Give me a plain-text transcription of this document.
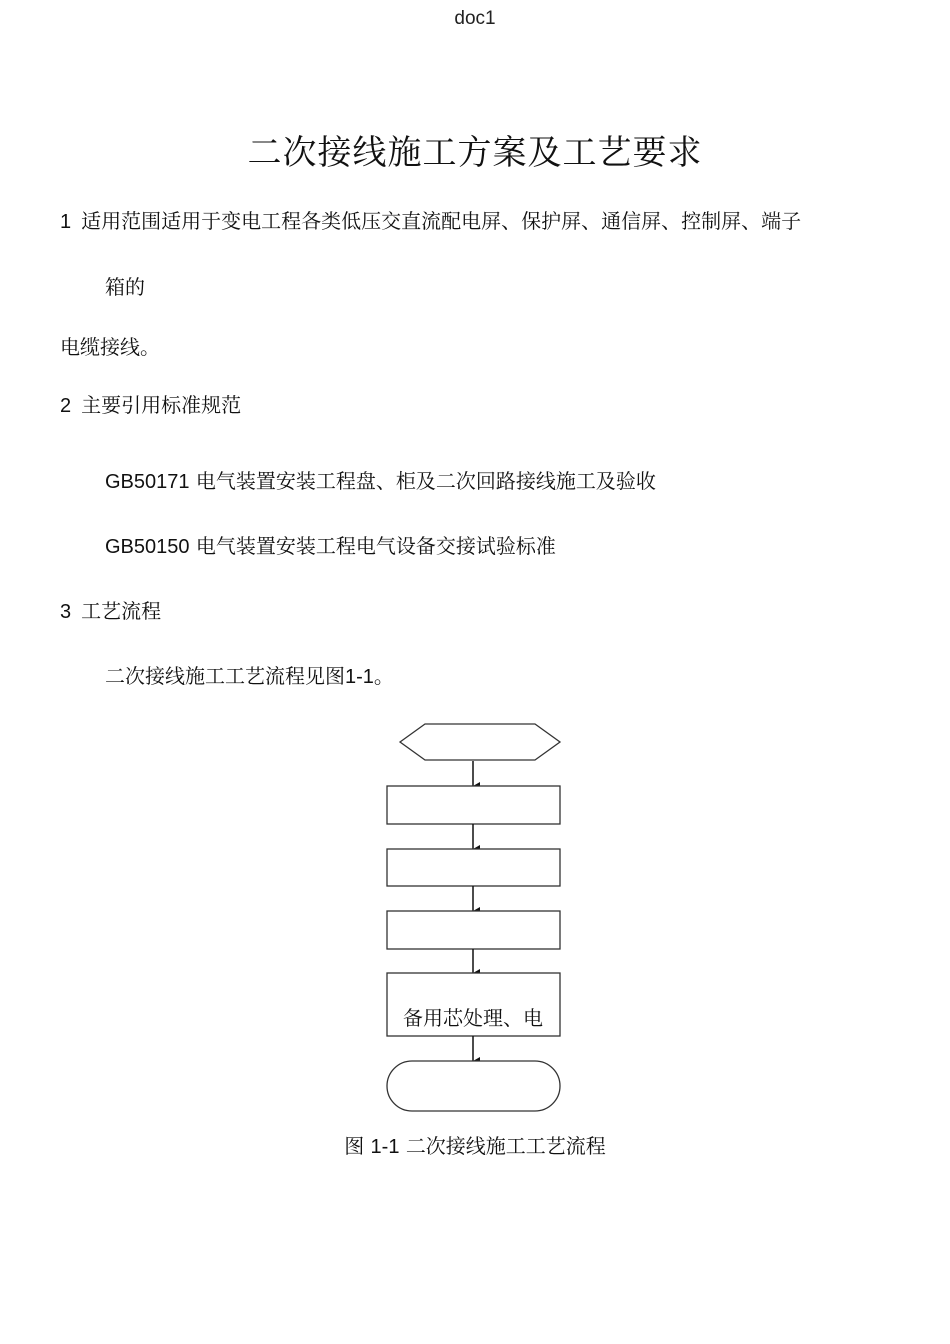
doc1
二次接线施工方案及工艺要求
1 适用范围适用于变电工程各类低压交直流配电屏、保护屏、通信屏、控制屏、端子
箱的
电缆接线。
2 主要引用标准规范
GB50171 电气装置安装工程盘、柜及二次回路接线施工及验收
GB50150 电气装置安装工程电气设备交接试验标准
3 工艺流程
二次接线施工工艺流程见图1-1。
备用芯处理、电
图 1-1 二次接线施工工艺流程
